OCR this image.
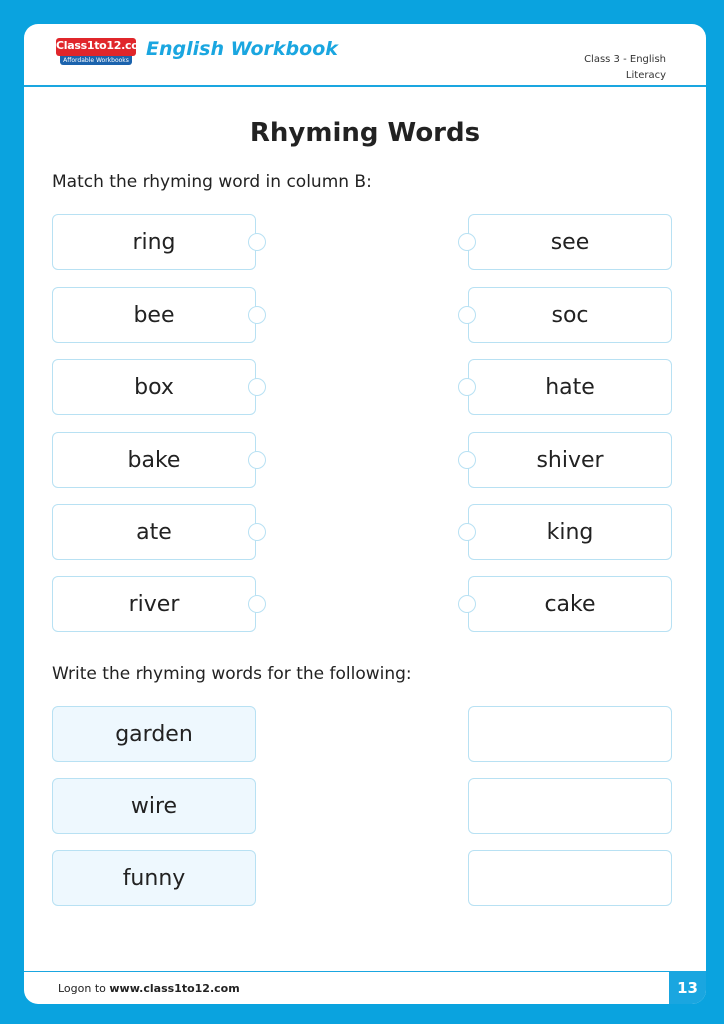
Class1to12.com
Affordable Workbooks
English Workbook	Class 3 - English
Literacy
Rhyming Words
Match the rhyming word in column B:
ring
bee
box
bake
ate
river
see
soc
hate
shiver
king
cake
Write the rhyming words for the following:
garden
wire
funny
Logon to www.class1to12.com	13
